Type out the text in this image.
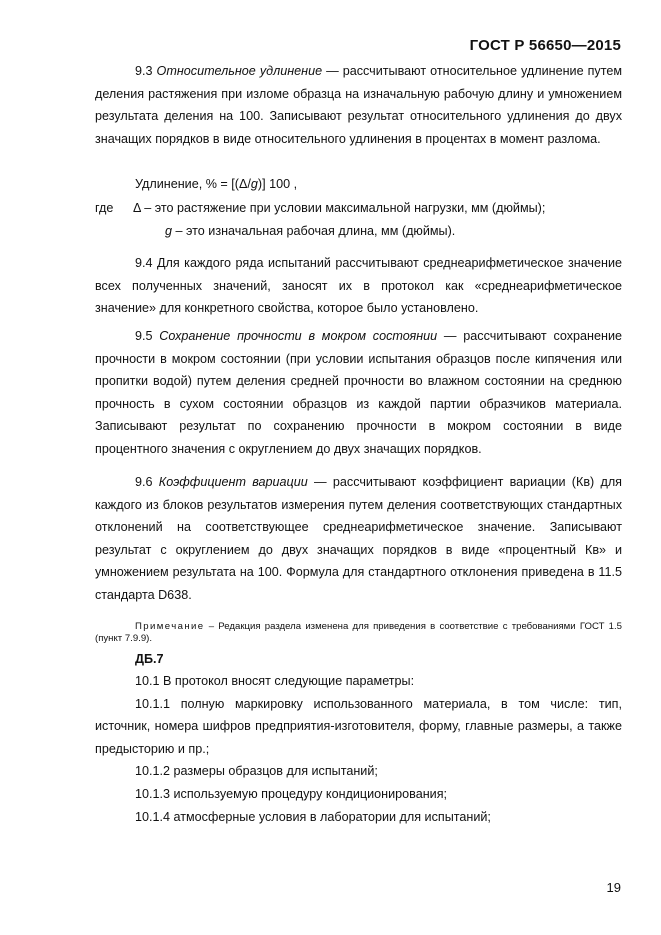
ГОСТ Р 56650—2015

9.3 Относительное удлинение — рассчитывают относительное удлинение путем деления растяжения при изломе образца на изначальную рабочую длину и умножением результата деления на 100. Записывают результат относительного удлинения до двух значащих порядков в виде относительного удлинения в процентах в момент разлома.

Удлинение, % = [(Δ/g)] 100 ,
где Δ – это растяжение при условии максимальной нагрузки, мм (дюймы);
g – это изначальная рабочая длина, мм (дюймы).

9.4 Для каждого ряда испытаний рассчитывают среднеарифметическое значение всех полученных значений, заносят их в протокол как «среднеарифметическое значение» для конкретного свойства, которое было установлено.

9.5 Сохранение прочности в мокром состоянии — рассчитывают сохранение прочности в мокром состоянии (при условии испытания образцов после кипячения или пропитки водой) путем деления средней прочности во влажном состоянии на среднюю прочность в сухом состоянии образцов из каждой партии образчиков материала. Записывают результат по сохранению прочности в мокром состоянии в виде процентного значения с округлением до двух значащих порядков.

9.6 Коэффициент вариации — рассчитывают коэффициент вариации (Кв) для каждого из блоков результатов измерения путем деления соответствующих стандартных отклонений на соответствующее среднеарифметическое значение. Записывают результат с округлением до двух значащих порядков в виде «процентный Кв» и умножением результата на 100. Формула для стандартного отклонения приведена в 11.5 стандарта D638.

Примечание – Редакция раздела изменена для приведения в соответствие с требованиями ГОСТ 1.5 (пункт 7.9.9).
ДБ.7

10.1 В протокол вносят следующие параметры:

10.1.1 полную маркировку использованного материала, в том числе: тип, источник, номера шифров предприятия-изготовителя, форму, главные размеры, а также предысторию и пр.;

10.1.2 размеры образцов для испытаний;

10.1.3 используемую процедуру кондиционирования;

10.1.4 атмосферные условия в лаборатории для испытаний;

19
